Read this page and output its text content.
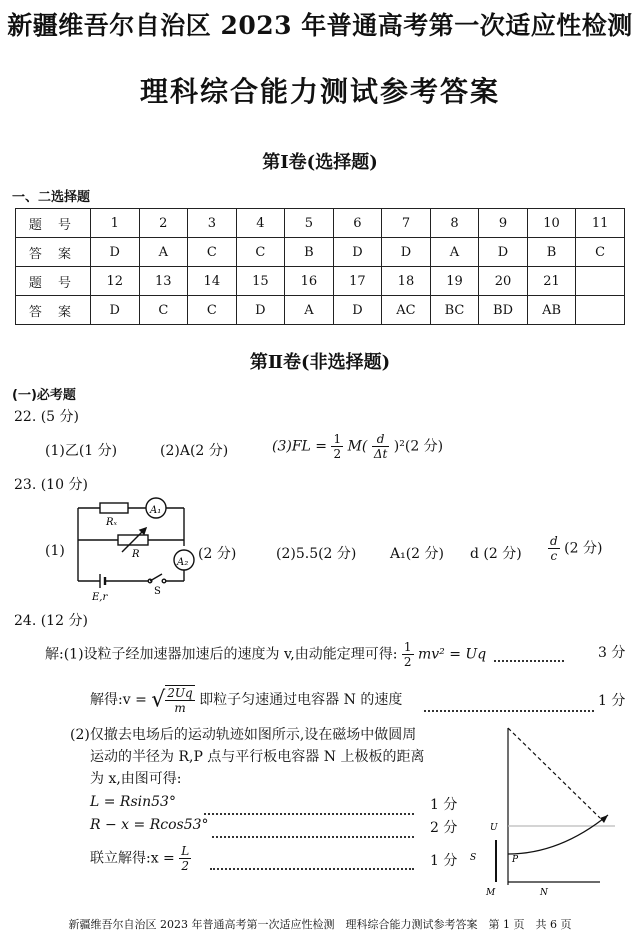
新疆维吾尔自治区 2023 年普通高考第一次适应性检测
理科综合能力测试参考答案
第Ⅰ卷(选择题)
一、二选择题
题 号	1	2	3	4	5	6	7	8	9	10	11
答 案	D	A	C	C	B	D	D	A	D	B	C
题 号	12	13	14	15	16	17	18	19	20	21	
答 案	D	C	C	D	A	D	AC	BC	BD	AB	
第Ⅱ卷(非选择题)
(一)必考题
22. (5 分)
(1)乙(1 分)	(2)A(2 分)	$(3)FL = \frac{1}{2} M( \frac{d}{\Delta t} )^2(2$ 分)
23. (10 分)
(1)
A₁
Rₓ
R
A₂
E,r
S
(2 分)	(2)5.5(2 分) A₁(2 分) d (2 分) $\frac{d}{c} (2$ 分)
24. (12 分)
解:(1)设粒子经加速器加速后的速度为 v,由动能定理可得: $\frac{1}{2} mv^2 = Uq$	3 分
解得:v = √ $\frac{2Uq}{m}$ 即粒子匀速通过电容器 N 的速度	1 分
(2)仅撤去电场后的运动轨迹如图所示,设在磁场中做圆周
运动的半径为 R,P 点与平行板电容器 N 上极板的距离
为 x,由图可得:
L = Rsin53°	1 分
R − x = Rcos53°	2 分
联立解得:x = $\frac{L}{2}$	1 分
U
S	P
M	N
新疆维吾尔自治区 2023 年普通高考第一次适应性检测　理科综合能力测试参考答案　第 1 页　共 6 页
